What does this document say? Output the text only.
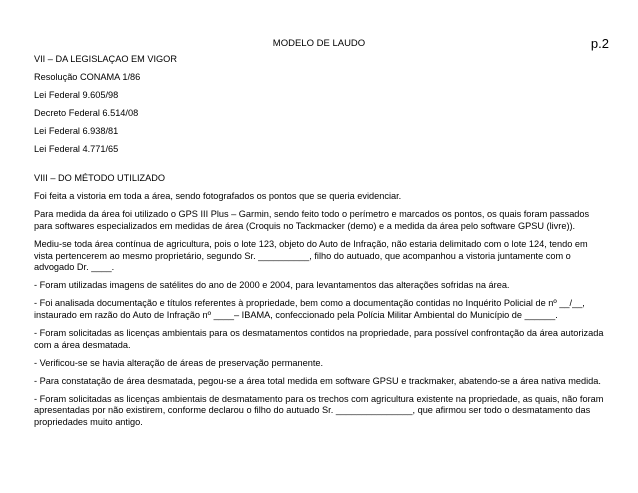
MODELO DE LAUDO	p.2

VII – DA LEGISLAÇAO EM VIGOR

Resolução CONAMA 1/86

Lei Federal 9.605/98

Decreto Federal 6.514/08

Lei Federal 6.938/81

Lei Federal 4.771/65

VIII – DO MÉTODO UTILIZADO

Foi feita a vistoria em toda a área, sendo fotografados os pontos que se queria evidenciar.

Para medida da área foi utilizado o GPS III Plus – Garmin, sendo feito todo o perímetro e marcados os pontos, os quais foram passados para softwares especializados em medidas de área (Croquis no Tackmacker (demo) e a medida da área pelo software GPSU (livre)).

Mediu-se toda área contínua de agricultura, pois o lote 123, objeto do Auto de Infração, não estaria delimitado com o lote 124, tendo em vista pertencerem ao mesmo proprietário, segundo Sr. __________, filho do autuado, que acompanhou a vistoria juntamente com o advogado Dr. ____.

- Foram utilizadas imagens de satélites do ano de 2000 e 2004, para levantamentos das alterações sofridas na área.

- Foi analisada documentação e títulos referentes à propriedade, bem como a documentação contidas no Inquérito Policial de nº __/__, instaurado em razão do Auto de Infração nº ____– IBAMA, confeccionado pela Polícia Militar Ambiental do Município de ______.

- Foram solicitadas as licenças ambientais para os desmatamentos contidos na propriedade, para possível confrontação da área autorizada com a área desmatada.

- Verificou-se se havia alteração de áreas de preservação permanente.

- Para constatação de área desmatada, pegou-se a área total medida em software GPSU e trackmaker, abatendo-se a área nativa medida.

- Foram solicitadas as licenças ambientais de desmatamento para os trechos com agricultura existente na propriedade, as quais, não foram apresentadas por não existirem, conforme declarou o filho do autuado Sr. _______________, que afirmou ser todo o desmatamento das propriedades muito antigo.
